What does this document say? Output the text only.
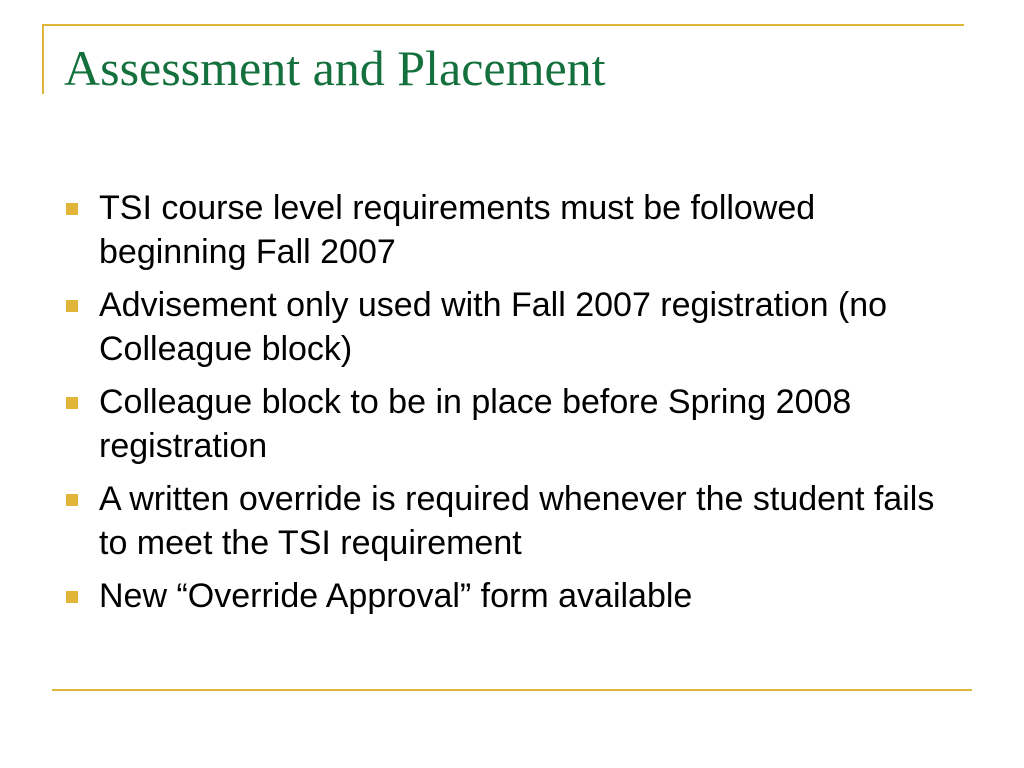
Assessment and Placement
TSI course level requirements must be followed beginning Fall 2007
Advisement only used with Fall 2007 registration (no Colleague block)
Colleague block to be in place before Spring 2008 registration
A written override is required whenever the student fails to meet the TSI requirement
New “Override Approval” form available
